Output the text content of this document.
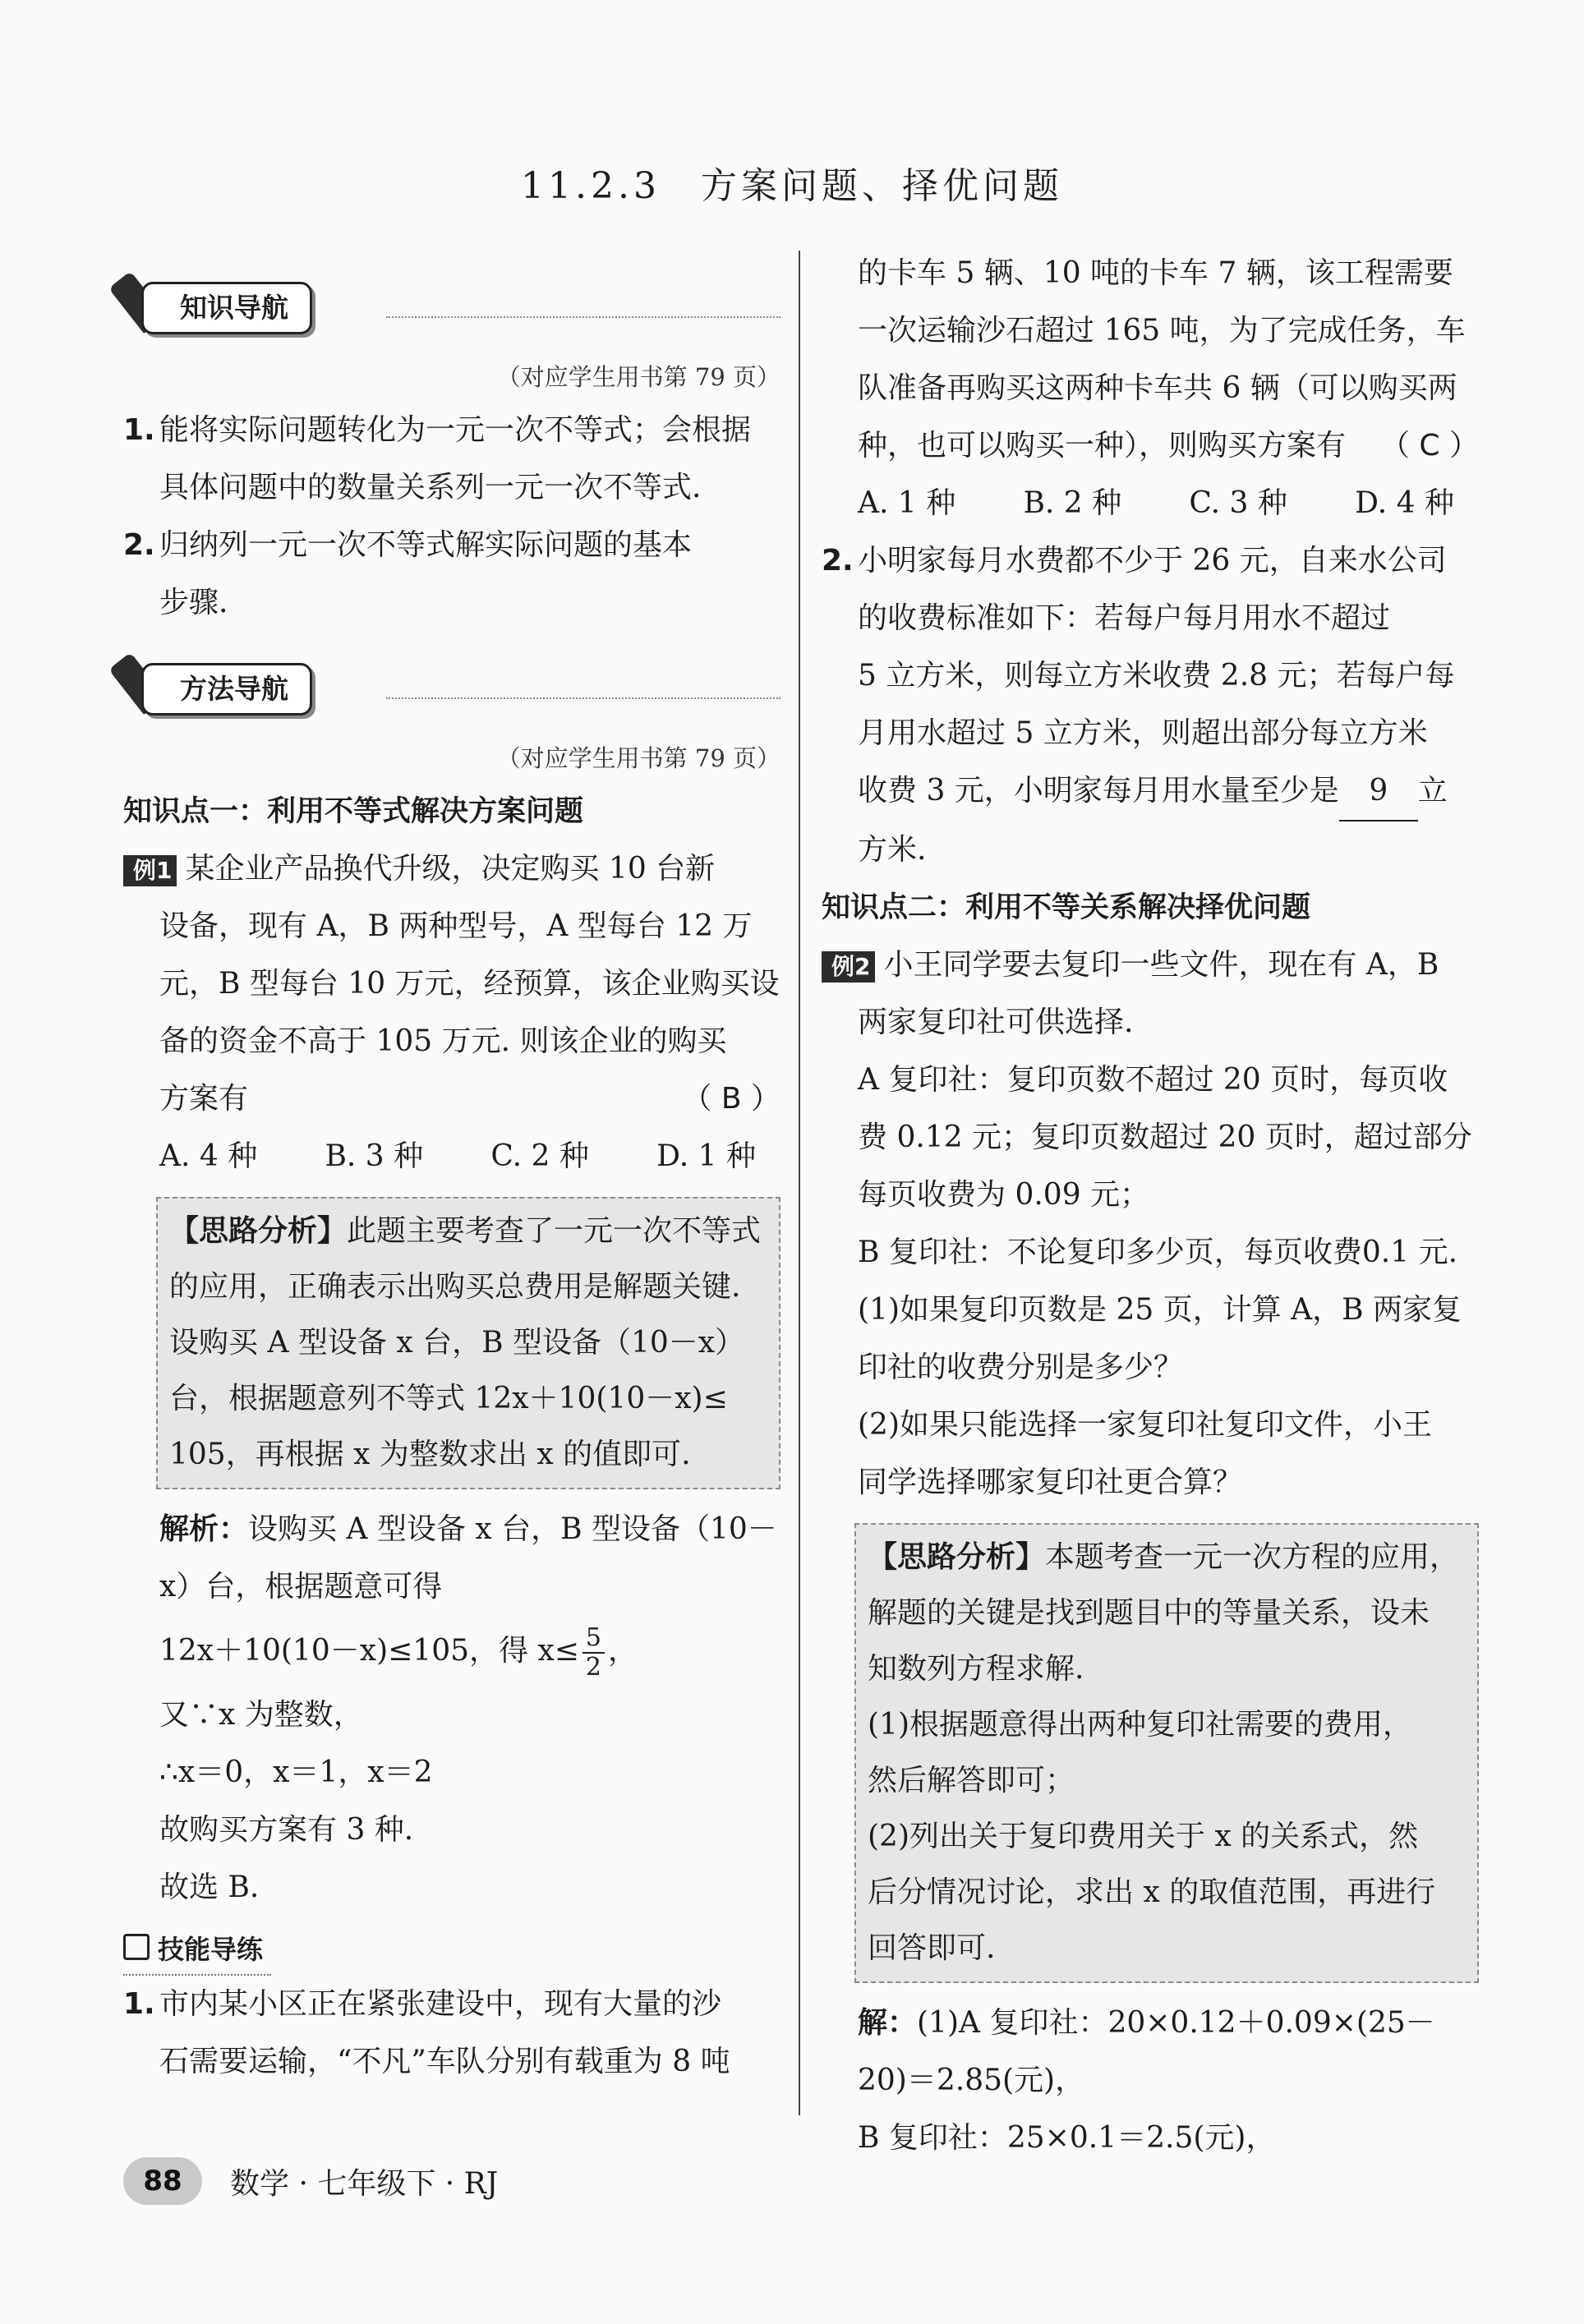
11.2.3　方案问题、择优问题
知识导航
（对应学生用书第 79 页）
1. 能将实际问题转化为一元一次不等式；会根据
具体问题中的数量关系列一元一次不等式.
2. 归纳列一元一次不等式解实际问题的基本
步骤.
方法导航
（对应学生用书第 79 页）
知识点一：利用不等式解决方案问题
例1 某企业产品换代升级，决定购买 10 台新
设备，现有 A，B 两种型号，A 型每台 12 万
元，B 型每台 10 万元，经预算，该企业购买设
备的资金不高于 105 万元. 则该企业的购买
方案有	（ B ）
A. 4 种 B. 3 种 C. 2 种 D. 1 种
【思路分析】此题主要考查了一元一次不等式
的应用，正确表示出购买总费用是解题关键.
设购买 A 型设备 x 台，B 型设备（10－x）
台，根据题意列不等式 12x＋10(10－x)≤
105，再根据 x 为整数求出 x 的值即可.
解析：设购买 A 型设备 x 台，B 型设备（10－
x）台，根据题意可得
12x＋10(10－x)≤105，得 $x\le \frac{5}{2}$ ，
又∵x 为整数，
∴x＝0，x＝1，x＝2
故购买方案有 3 种.
故选 B.
技能导练
1. 市内某小区正在紧张建设中，现有大量的沙
石需要运输，“不凡”车队分别有载重为 8 吨
的卡车 5 辆、10 吨的卡车 7 辆，该工程需要
一次运输沙石超过 165 吨，为了完成任务，车
队准备再购买这两种卡车共 6 辆（可以购买两
种，也可以购买一种），则购买方案有 （ C ）
A. 1 种 B. 2 种 C. 3 种 D. 4 种
2. 小明家每月水费都不少于 26 元，自来水公司
的收费标准如下：若每户每月用水不超过
5 立方米，则每立方米收费 2.8 元；若每户每
月用水超过 5 立方米，则超出部分每立方米
收费 3 元，小明家每月用水量至少是 9 立
方米.
知识点二：利用不等关系解决择优问题
例2 小王同学要去复印一些文件，现在有 A，B
两家复印社可供选择.
A 复印社：复印页数不超过 20 页时，每页收
费 0.12 元；复印页数超过 20 页时，超过部分
每页收费为 0.09 元；
B 复印社：不论复印多少页，每页收费0.1 元.
(1)如果复印页数是 25 页，计算 A，B 两家复
印社的收费分别是多少？
(2)如果只能选择一家复印社复印文件，小王
同学选择哪家复印社更合算？
【思路分析】本题考查一元一次方程的应用，
解题的关键是找到题目中的等量关系，设未
知数列方程求解.
(1)根据题意得出两种复印社需要的费用，
然后解答即可；
(2)列出关于复印费用关于 x 的关系式，然
后分情况讨论，求出 x 的取值范围，再进行
回答即可.
解：(1)A 复印社：20×0.12＋0.09×(25－
20)＝2.85(元)，
B 复印社：25×0.1＝2.5(元)，
88	数学 · 七年级下 · RJ
